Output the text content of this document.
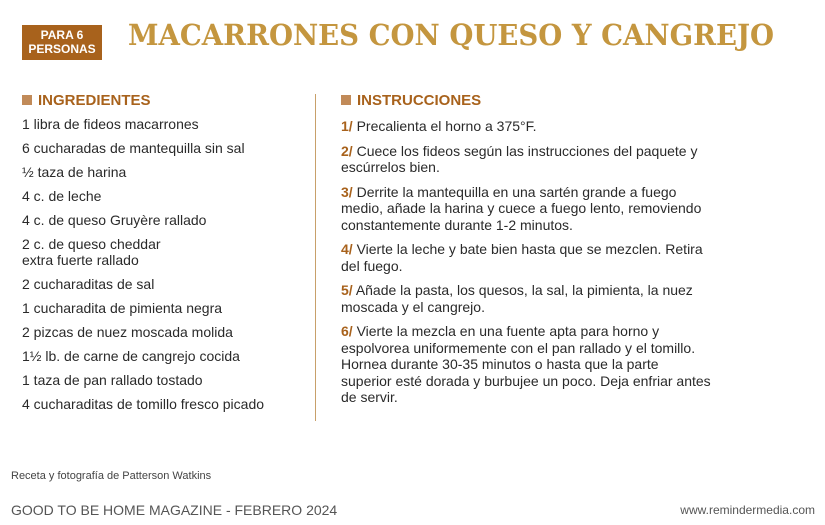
PARA 6
PERSONAS MACARRONES CON QUESO Y CANGREJO
INGREDIENTES
1 libra de fideos macarrones
6 cucharadas de mantequilla sin sal
½ taza de harina
4 c. de leche
4 c. de queso Gruyère rallado
2 c. de queso cheddar
extra fuerte rallado
2 cucharaditas de sal
1 cucharadita de pimienta negra
2 pizcas de nuez moscada molida
1½ lb. de carne de cangrejo cocida
1 taza de pan rallado tostado
4 cucharaditas de tomillo fresco picado
INSTRUCCIONES

1/ Precalienta el horno a 375°F.

2/ Cuece los fideos según las instrucciones del paquete y escúrrelos bien.

3/ Derrite la mantequilla en una sartén grande a fuego medio, añade la harina y cuece a fuego lento, removiendo constantemente durante 1-2 minutos.

4/ Vierte la leche y bate bien hasta que se mezclen. Retira del fuego.

5/ Añade la pasta, los quesos, la sal, la pimienta, la nuez moscada y el cangrejo.

6/ Vierte la mezcla en una fuente apta para horno y espolvorea uniformemente con el pan rallado y el tomillo. Hornea durante 30-35 minutos o hasta que la parte superior esté dorada y burbujee un poco. Deja enfriar antes de servir.

Receta y fotografía de Patterson Watkins
GOOD TO BE HOME MAGAZINE - FEBRERO 2024	www.remindermedia.com
